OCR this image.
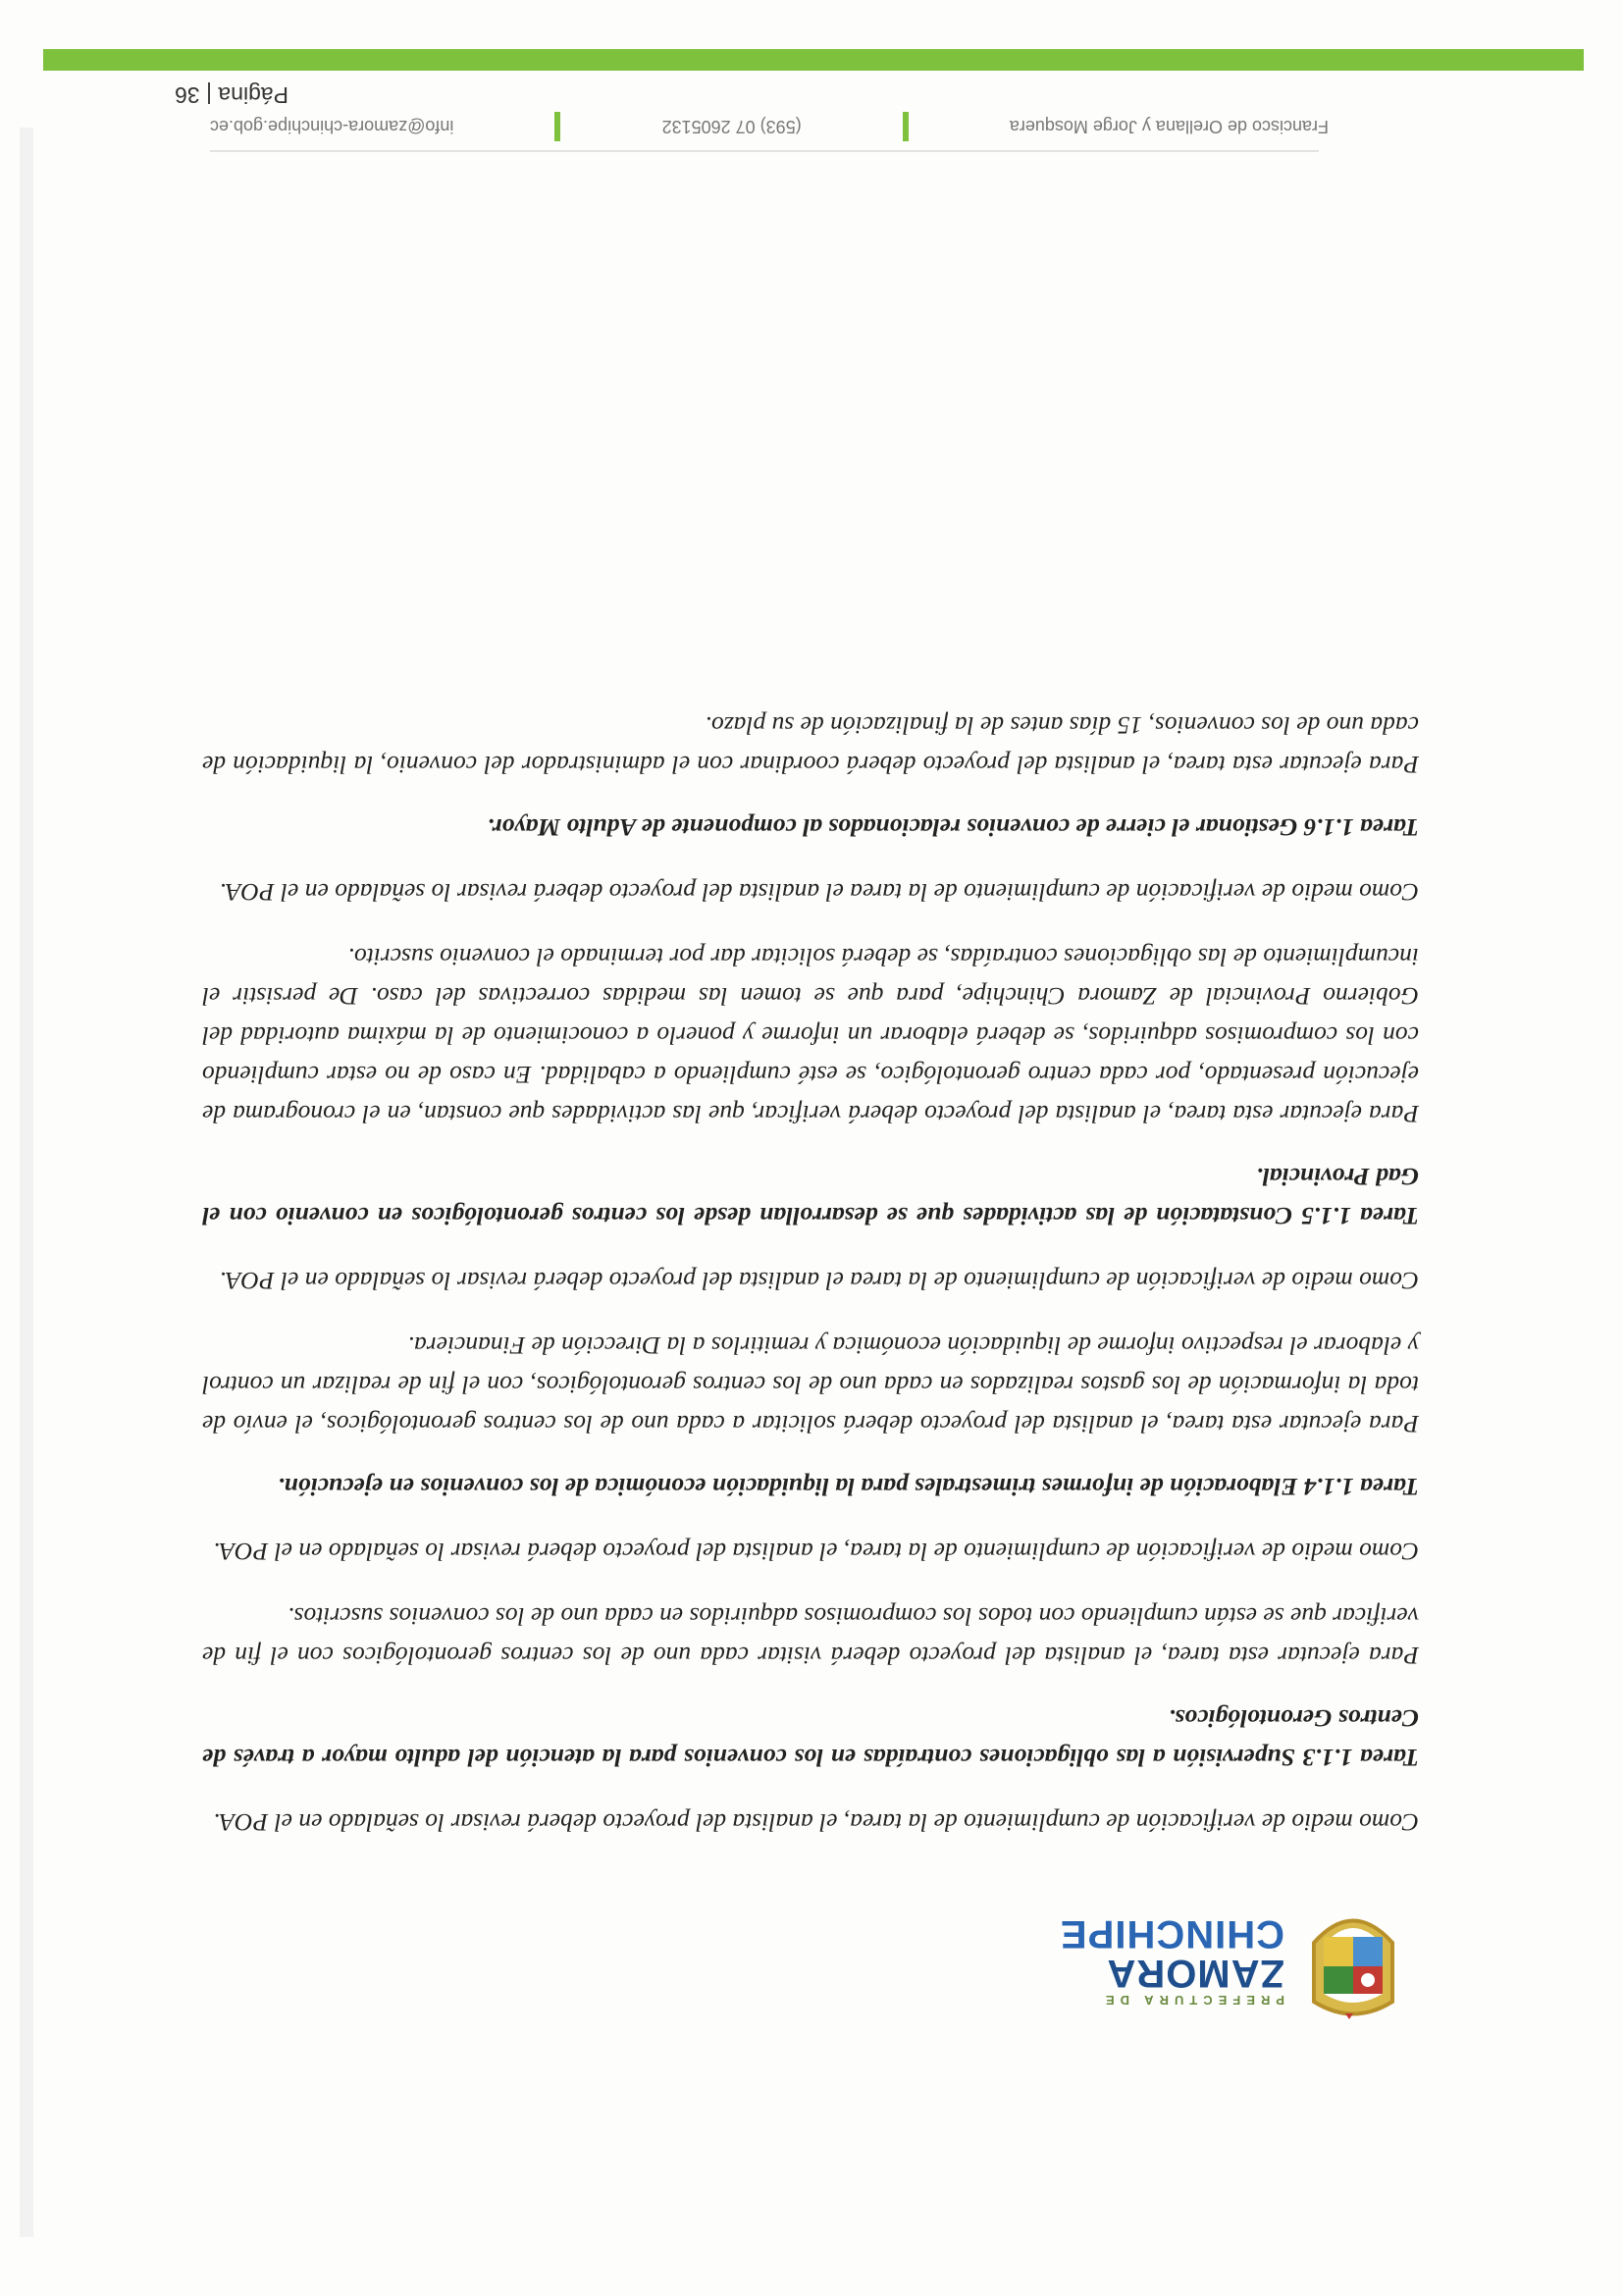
PREFECTURA DE
ZAMORA
CHINCHIPE

Como medio de verificación de cumplimiento de la tarea, el analista del proyecto deberá revisar lo señalado en el POA.

Tarea 1.1.3 Supervisión a las obligaciones contraídas en los convenios para la atención del adulto mayor a través de Centros Gerontológicos.

Para ejecutar esta tarea, el analista del proyecto deberá visitar cada uno de los centros gerontológicos con el fin de verificar que se están cumpliendo con todos los compromisos adquiridos en cada uno de los convenios suscritos.

Como medio de verificación de cumplimiento de la tarea, el analista del proyecto deberá revisar lo señalado en el POA.

Tarea 1.1.4 Elaboración de informes trimestrales para la liquidación económica de los convenios en ejecución.

Para ejecutar esta tarea, el analista del proyecto deberá solicitar a cada uno de los centros gerontológicos, el envío de toda la información de los gastos realizados en cada uno de los centros gerontológicos, con el fin de realizar un control y elaborar el respectivo informe de liquidación económica y remitirlos a la Dirección de Financiera.

Como medio de verificación de cumplimiento de la tarea el analista del proyecto deberá revisar lo señalado en el POA.

Tarea 1.1.5 Constatación de las actividades que se desarrollan desde los centros gerontológicos en convenio con el Gad Provincial.

Para ejecutar esta tarea, el analista del proyecto deberá verificar, que las actividades que constan, en el cronograma de ejecución presentado, por cada centro gerontológico, se esté cumpliendo a cabalidad. En caso de no estar cumpliendo con los compromisos adquiridos, se deberá elaborar un informe y ponerlo a conocimiento de la máxima autoridad del Gobierno Provincial de Zamora Chinchipe, para que se tomen las medidas correctivas del caso. De persistir el incumplimiento de las obligaciones contraídas, se deberá solicitar dar por terminado el convenio suscrito.

Como medio de verificación de cumplimiento de la tarea el analista del proyecto deberá revisar lo señalado en el POA.

Tarea 1.1.6 Gestionar el cierre de convenios relacionados al componente de Adulto Mayor.

Para ejecutar esta tarea, el analista del proyecto deberá coordinar con el administrador del convenio, la liquidación de cada uno de los convenios, 15 días antes de la finalización de su plazo.

Francisco de Orellana y Jorge Mosquera
(593) 07 2605132
info@zamora-chinchipe.gob.ec
Página | 36
